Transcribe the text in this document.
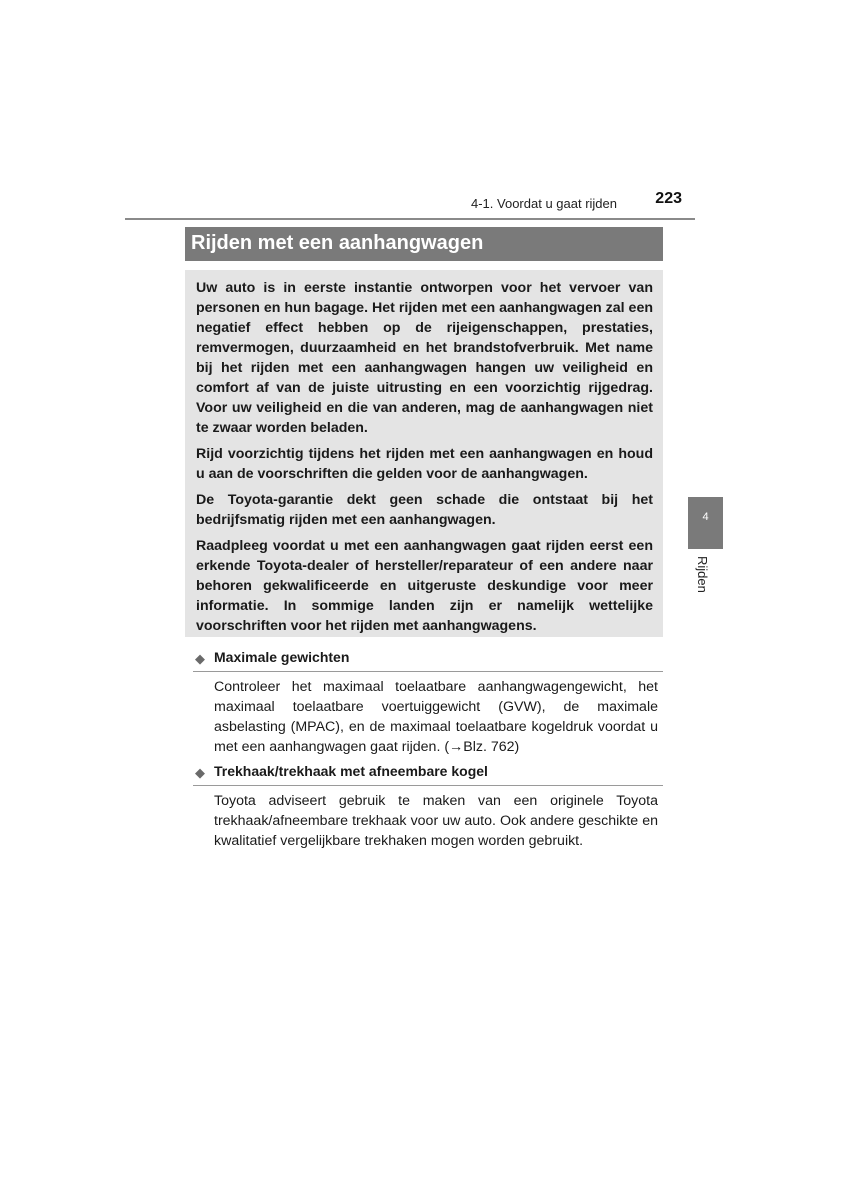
4-1. Voordat u gaat rijden 223
Rijden met een aanhangwagen

Uw auto is in eerste instantie ontworpen voor het vervoer van personen en hun bagage. Het rijden met een aanhangwagen zal een negatief effect hebben op de rijeigenschappen, prestaties, remvermogen, duurzaamheid en het brandstofverbruik. Met name bij het rijden met een aanhangwagen hangen uw veiligheid en comfort af van de juiste uitrusting en een voorzichtig rijgedrag. Voor uw veiligheid en die van anderen, mag de aanhangwagen niet te zwaar worden beladen.

Rijd voorzichtig tijdens het rijden met een aanhangwagen en houd u aan de voorschriften die gelden voor de aanhangwagen.

De Toyota-garantie dekt geen schade die ontstaat bij het bedrijfsmatig rijden met een aanhangwagen.

Raadpleeg voordat u met een aanhangwagen gaat rijden eerst een erkende Toyota-dealer of hersteller/reparateur of een andere naar behoren gekwalificeerde en uitgeruste deskundige voor meer informatie. In sommige landen zijn er namelijk wettelijke voorschriften voor het rijden met aanhangwagens.

◆ Maximale gewichten

Controleer het maximaal toelaatbare aanhangwagengewicht, het maximaal toelaatbare voertuiggewicht (GVW), de maximale asbelasting (MPAC), en de maximaal toelaatbare kogeldruk voordat u met een aanhangwagen gaat rijden. (→Blz. 762)

◆ Trekhaak/trekhaak met afneembare kogel

Toyota adviseert gebruik te maken van een originele Toyota trekhaak/afneembare trekhaak voor uw auto. Ook andere geschikte en kwalitatief vergelijkbare trekhaken mogen worden gebruikt.

4
Rijden
